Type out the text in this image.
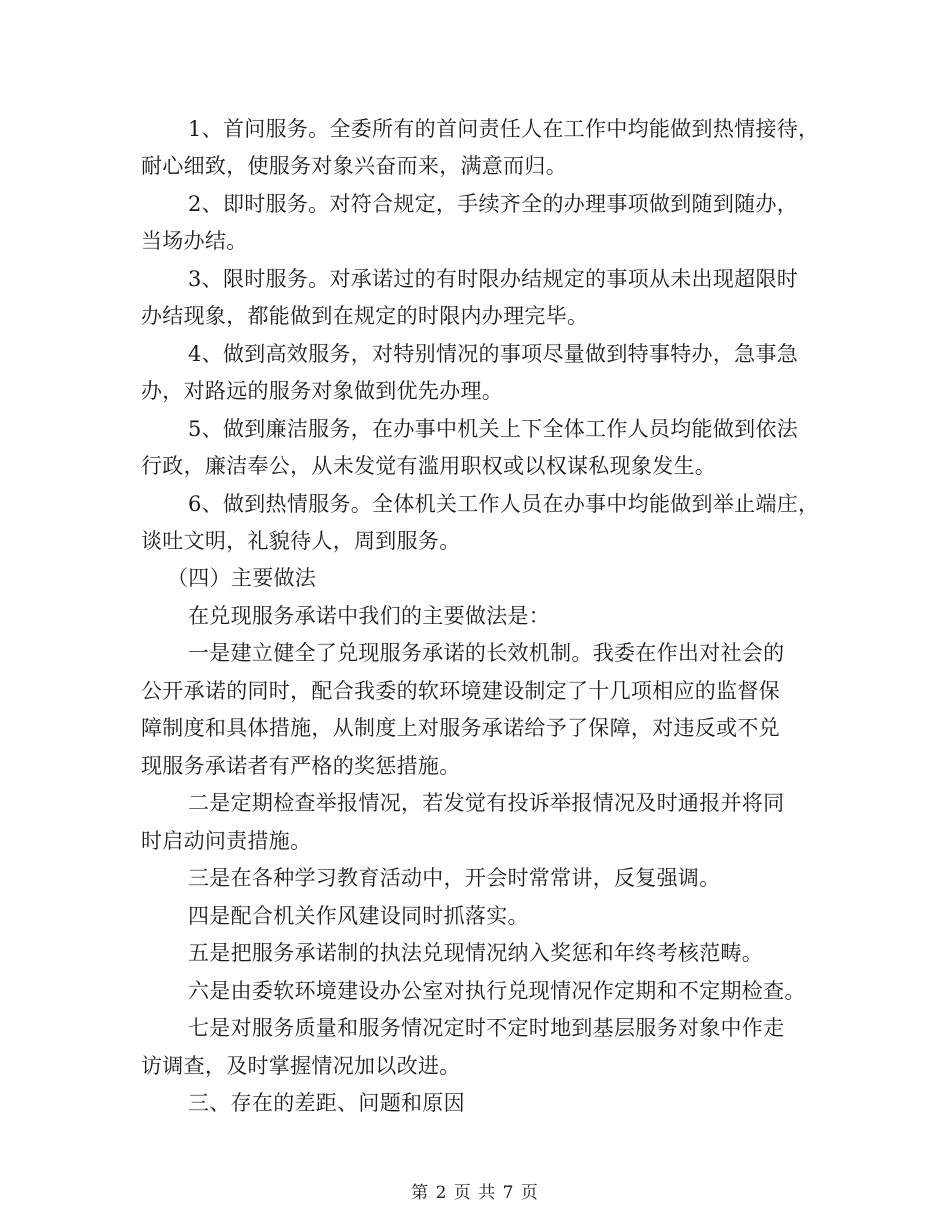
1、首问服务。全委所有的首问责任人在工作中均能做到热情接待，
耐心细致，使服务对象兴奋而来，满意而归。
2、即时服务。对符合规定，手续齐全的办理事项做到随到随办，
当场办结。
3、限时服务。对承诺过的有时限办结规定的事项从未出现超限时
办结现象，都能做到在规定的时限内办理完毕。
4、做到高效服务，对特别情况的事项尽量做到特事特办，急事急
办，对路远的服务对象做到优先办理。
5、做到廉洁服务，在办事中机关上下全体工作人员均能做到依法
行政，廉洁奉公，从未发觉有滥用职权或以权谋私现象发生。
6、做到热情服务。全体机关工作人员在办事中均能做到举止端庄，
谈吐文明，礼貌待人，周到服务。
（四）主要做法
在兑现服务承诺中我们的主要做法是：
一是建立健全了兑现服务承诺的长效机制。我委在作出对社会的
公开承诺的同时，配合我委的软环境建设制定了十几项相应的监督保
障制度和具体措施，从制度上对服务承诺给予了保障，对违反或不兑
现服务承诺者有严格的奖惩措施。
二是定期检查举报情况，若发觉有投诉举报情况及时通报并将同
时启动问责措施。
三是在各种学习教育活动中，开会时常常讲，反复强调。
四是配合机关作风建设同时抓落实。
五是把服务承诺制的执法兑现情况纳入奖惩和年终考核范畴。
六是由委软环境建设办公室对执行兑现情况作定期和不定期检查。
七是对服务质量和服务情况定时不定时地到基层服务对象中作走
访调查，及时掌握情况加以改进。
三、存在的差距、问题和原因
第 2 页 共 7 页
